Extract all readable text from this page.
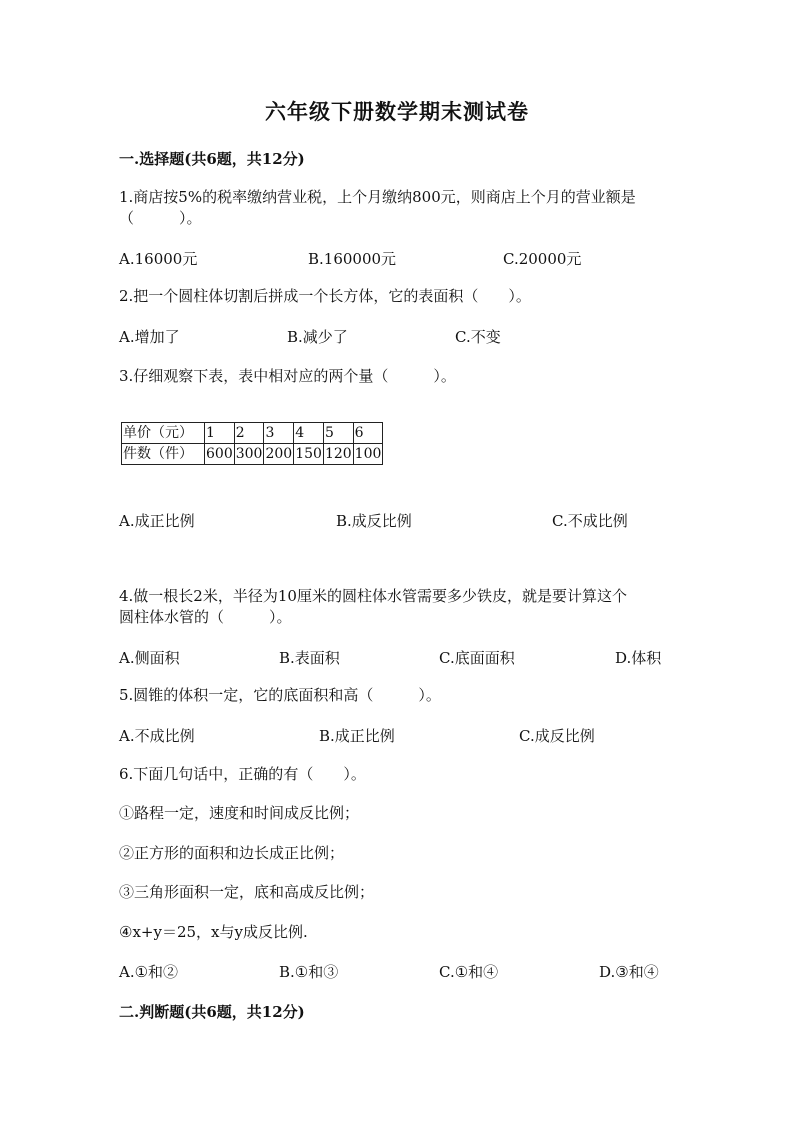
六年级下册数学期末测试卷
一.选择题(共6题，共12分)
1.商店按5%的税率缴纳营业税，上个月缴纳800元，则商店上个月的营业额是
（　　　）。
A.16000元	B.160000元	C.20000元
2.把一个圆柱体切割后拼成一个长方体，它的表面积（　　）。
A.增加了	B.减少了	C.不变
3.仔细观察下表，表中相对应的两个量（　　　）。
单价（元）	1	2	3	4	5	6
件数（件）	600	300	200	150	120	100
A.成正比例	B.成反比例	C.不成比例
4.做一根长2米，半径为10厘米的圆柱体水管需要多少铁皮，就是要计算这个
圆柱体水管的（　　　）。
A.侧面积	B.表面积	C.底面面积	D.体积
5.圆锥的体积一定，它的底面积和高（　　　）。
A.不成比例	B.成正比例	C.成反比例
6.下面几句话中，正确的有（　　）。
①路程一定，速度和时间成反比例；
②正方形的面积和边长成正比例；
③三角形面积一定，底和高成反比例；
④x+y＝25，x与y成反比例.
A.①和②	B.①和③	C.①和④	D.③和④
二.判断题(共6题，共12分)
